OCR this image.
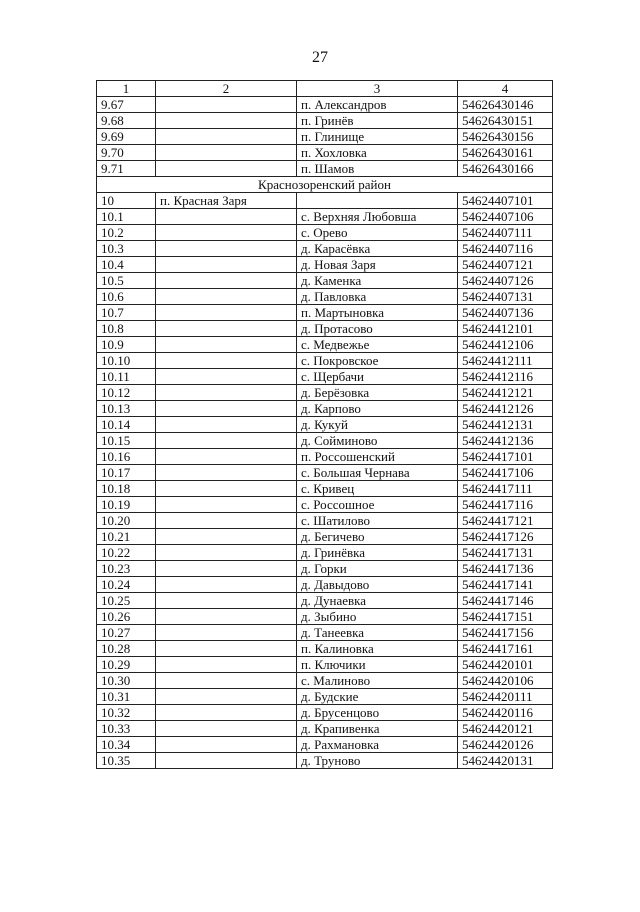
27
1	2	3	4
9.67		п. Александров	54626430146
9.68		п. Гринёв	54626430151
9.69		п. Глинище	54626430156
9.70		п. Хохловка	54626430161
9.71		п. Шамов	54626430166
Краснозоренский район			
10	п. Красная Заря		54624407101
10.1		с. Верхняя Любовша	54624407106
10.2		с. Орево	54624407111
10.3		д. Карасёвка	54624407116
10.4		д. Новая Заря	54624407121
10.5		д. Каменка	54624407126
10.6		д. Павловка	54624407131
10.7		п. Мартыновка	54624407136
10.8		д. Протасово	54624412101
10.9		с. Медвежье	54624412106
10.10		с. Покровское	54624412111
10.11		с. Щербачи	54624412116
10.12		д. Берёзовка	54624412121
10.13		д. Карпово	54624412126
10.14		д. Кукуй	54624412131
10.15		д. Сойминово	54624412136
10.16		п. Россошенский	54624417101
10.17		с. Большая Чернава	54624417106
10.18		с. Кривец	54624417111
10.19		с. Россошное	54624417116
10.20		с. Шатилово	54624417121
10.21		д. Бегичево	54624417126
10.22		д. Гринёвка	54624417131
10.23		д. Горки	54624417136
10.24		д. Давыдово	54624417141
10.25		д. Дунаевка	54624417146
10.26		д. Зыбино	54624417151
10.27		д. Танеевка	54624417156
10.28		п. Калиновка	54624417161
10.29		п. Ключики	54624420101
10.30		с. Малиново	54624420106
10.31		д. Будские	54624420111
10.32		д. Брусенцово	54624420116
10.33		д. Крапивенка	54624420121
10.34		д. Рахмановка	54624420126
10.35		д. Труново	54624420131
